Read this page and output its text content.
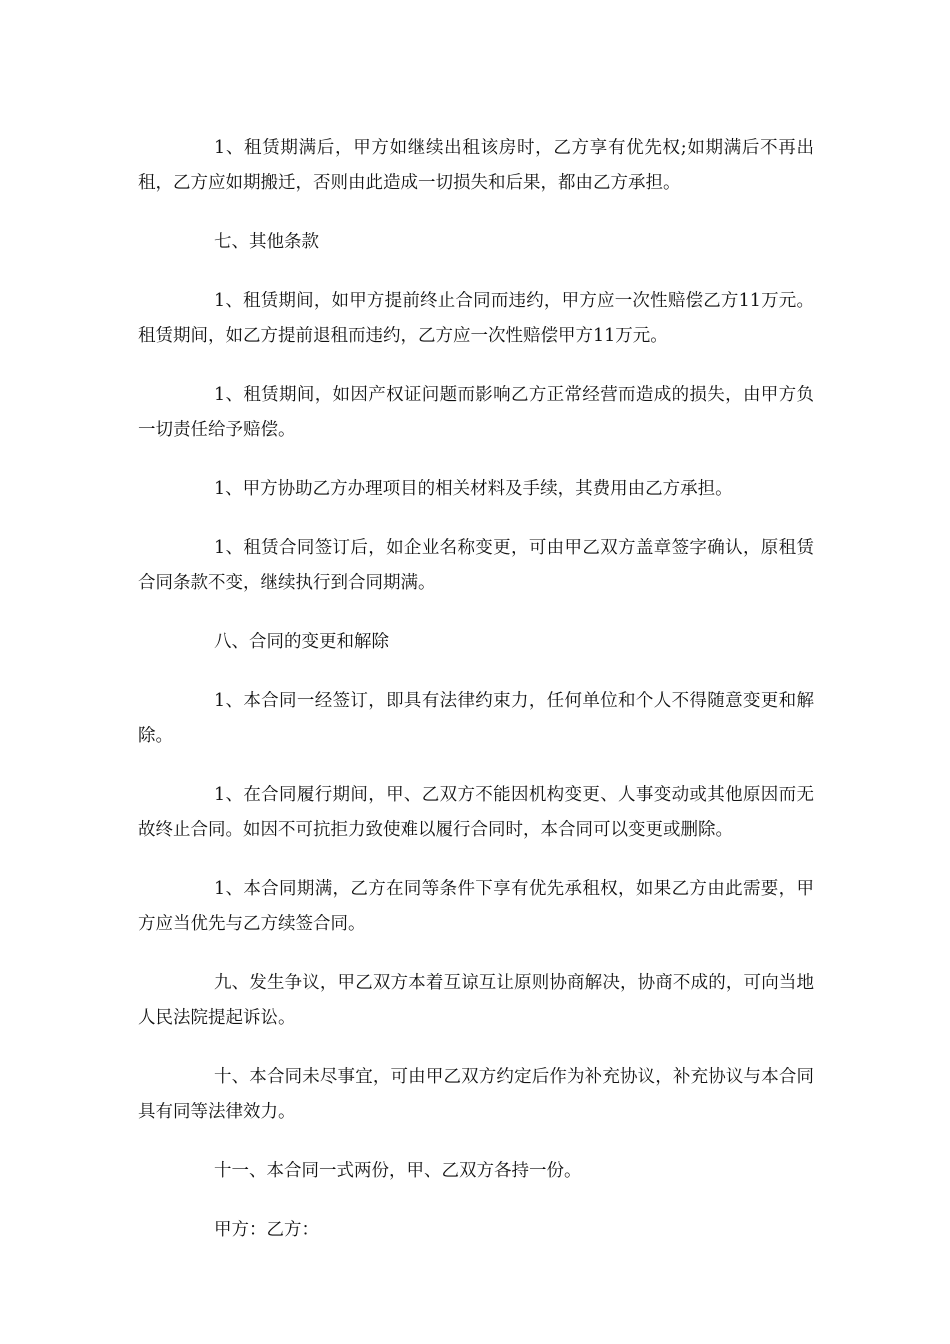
1、租赁期满后，甲方如继续出租该房时，乙方享有优先权;如期满后不再出租，乙方应如期搬迁，否则由此造成一切损失和后果，都由乙方承担。

七、其他条款

1、租赁期间，如甲方提前终止合同而违约，甲方应一次性赔偿乙方11万元。租赁期间，如乙方提前退租而违约，乙方应一次性赔偿甲方11万元。

1、租赁期间，如因产权证问题而影响乙方正常经营而造成的损失，由甲方负一切责任给予赔偿。

1、甲方协助乙方办理项目的相关材料及手续，其费用由乙方承担。

1、租赁合同签订后，如企业名称变更，可由甲乙双方盖章签字确认，原租赁合同条款不变，继续执行到合同期满。

八、合同的变更和解除

1、本合同一经签订，即具有法律约束力，任何单位和个人不得随意变更和解除。

1、在合同履行期间，甲、乙双方不能因机构变更、人事变动或其他原因而无故终止合同。如因不可抗拒力致使难以履行合同时，本合同可以变更或删除。

1、本合同期满，乙方在同等条件下享有优先承租权，如果乙方由此需要，甲方应当优先与乙方续签合同。

九、发生争议，甲乙双方本着互谅互让原则协商解决，协商不成的，可向当地人民法院提起诉讼。

十、本合同未尽事宜，可由甲乙双方约定后作为补充协议，补充协议与本合同具有同等法律效力。

十一、本合同一式两份，甲、乙双方各持一份。

甲方：乙方：
